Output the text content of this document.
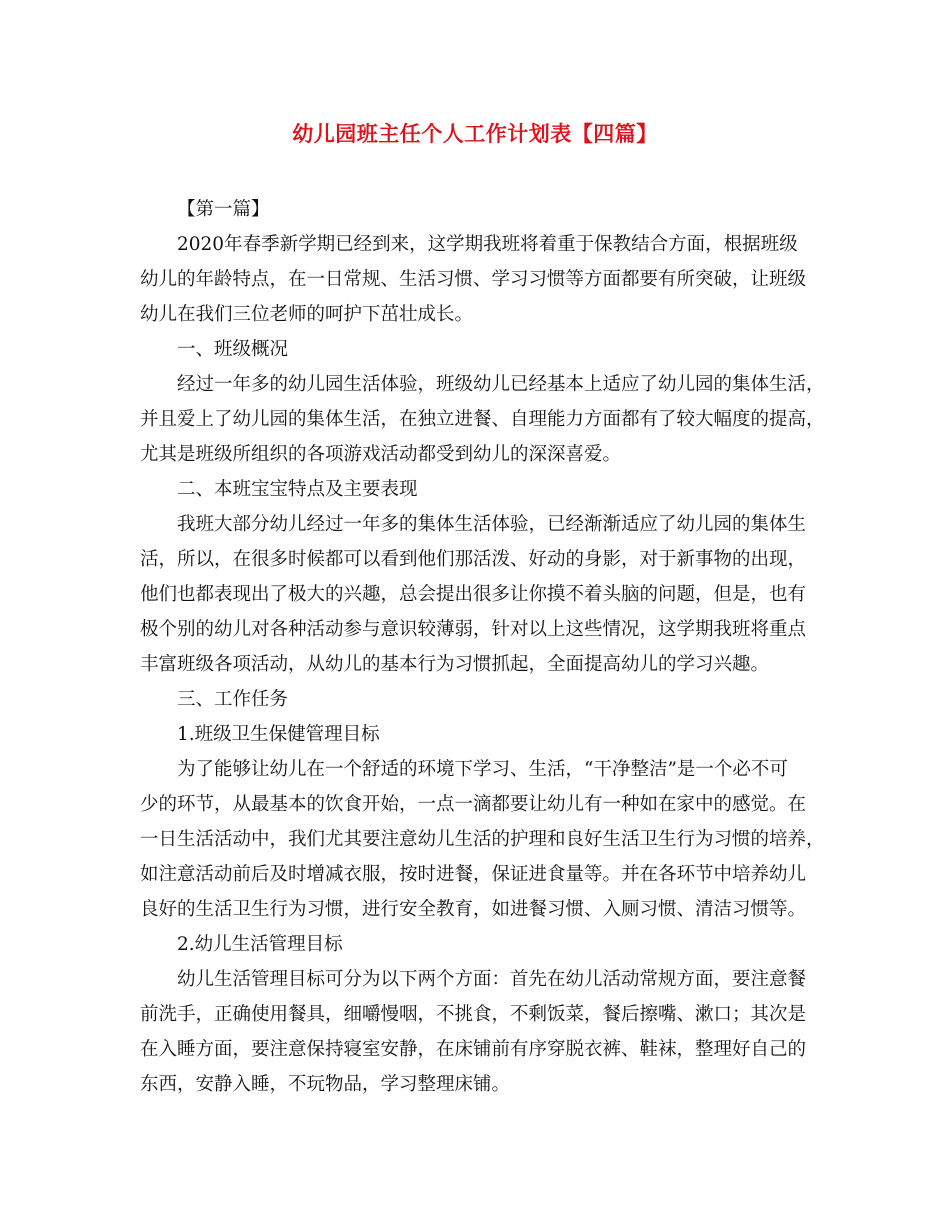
幼儿园班主任个人工作计划表【四篇】
【第一篇】
2020年春季新学期已经到来，这学期我班将着重于保教结合方面，根据班级
幼儿的年龄特点，在一日常规、生活习惯、学习习惯等方面都要有所突破，让班级
幼儿在我们三位老师的呵护下茁壮成长。
一、班级概况
经过一年多的幼儿园生活体验，班级幼儿已经基本上适应了幼儿园的集体生活，
并且爱上了幼儿园的集体生活，在独立进餐、自理能力方面都有了较大幅度的提高，
尤其是班级所组织的各项游戏活动都受到幼儿的深深喜爱。
二、本班宝宝特点及主要表现
我班大部分幼儿经过一年多的集体生活体验，已经渐渐适应了幼儿园的集体生
活，所以，在很多时候都可以看到他们那活泼、好动的身影，对于新事物的出现，
他们也都表现出了极大的兴趣，总会提出很多让你摸不着头脑的问题，但是，也有
极个别的幼儿对各种活动参与意识较薄弱，针对以上这些情况，这学期我班将重点
丰富班级各项活动，从幼儿的基本行为习惯抓起，全面提高幼儿的学习兴趣。
三、工作任务
1.班级卫生保健管理目标
为了能够让幼儿在一个舒适的环境下学习、生活，“干净整洁”是一个必不可
少的环节，从最基本的饮食开始，一点一滴都要让幼儿有一种如在家中的感觉。在
一日生活活动中，我们尤其要注意幼儿生活的护理和良好生活卫生行为习惯的培养，
如注意活动前后及时增减衣服，按时进餐，保证进食量等。并在各环节中培养幼儿
良好的生活卫生行为习惯，进行安全教育，如进餐习惯、入厕习惯、清洁习惯等。
2.幼儿生活管理目标
幼儿生活管理目标可分为以下两个方面：首先在幼儿活动常规方面，要注意餐
前洗手，正确使用餐具，细嚼慢咽，不挑食，不剩饭菜，餐后擦嘴、漱口；其次是
在入睡方面，要注意保持寝室安静，在床铺前有序穿脱衣裤、鞋袜，整理好自己的
东西，安静入睡，不玩物品，学习整理床铺。
